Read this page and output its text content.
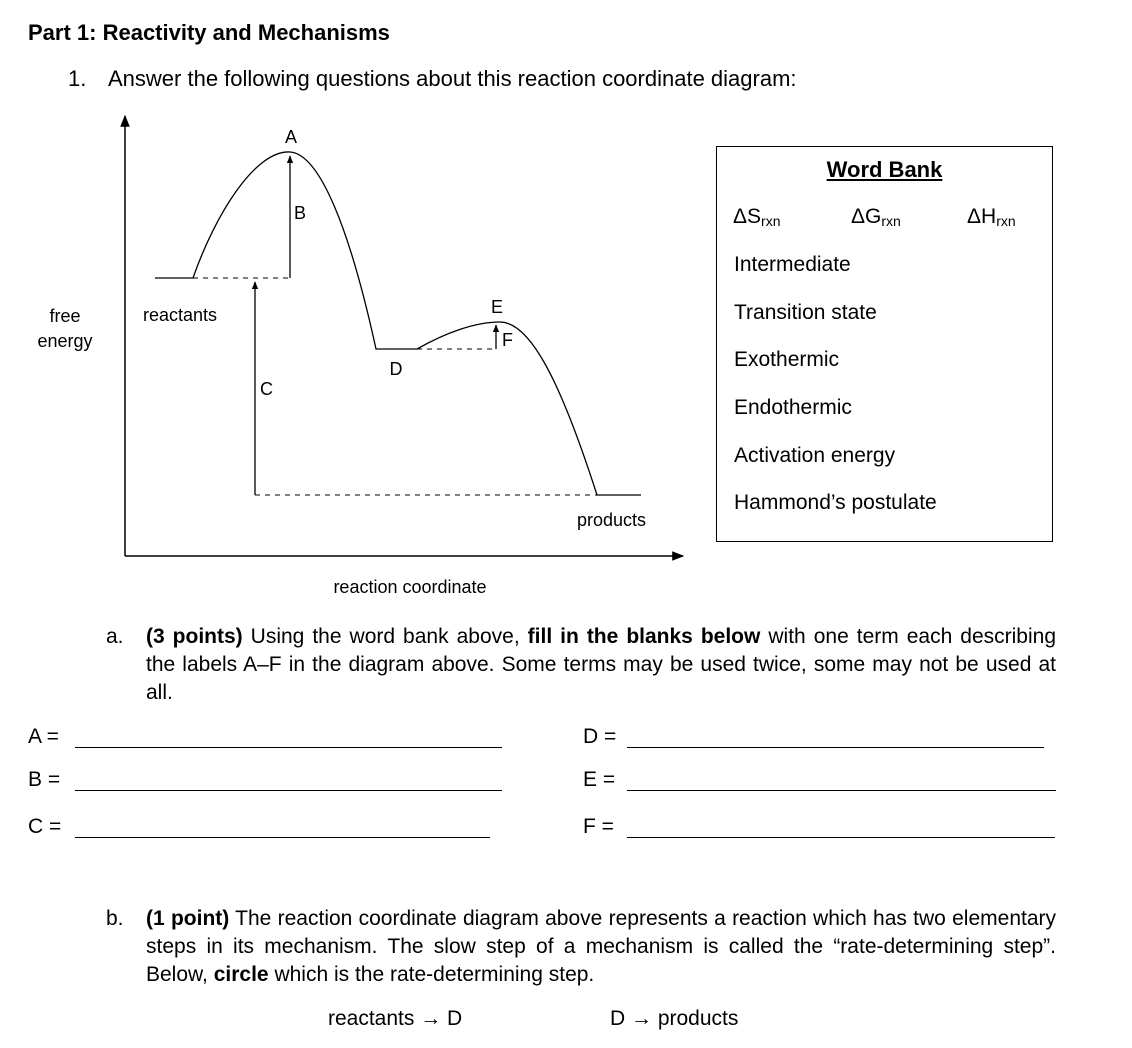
Part 1: Reactivity and Mechanisms
1. Answer the following questions about this reaction coordinate diagram:
free
energy
reactants
products
reaction coordinate
A
B
C
D
E
F
Word Bank
$\Delta S_{rxn}$	$\Delta G_{rxn}$	$\Delta H_{rxn}$
Intermediate
Transition state
Exothermic
Endothermic
Activation energy
Hammond’s postulate
a. (3 points) Using the word bank above, fill in the blanks below with one term each describing the labels A–F in the diagram above. Some terms may be used twice, some may not be used at all.
A =
B =
C =
D =
E =
F =
b. (1 point) The reaction coordinate diagram above represents a reaction which has two elementary steps in its mechanism. The slow step of a mechanism is called the “rate-determining step”. Below, circle which is the rate-determining step.
reactants → D	D → products
